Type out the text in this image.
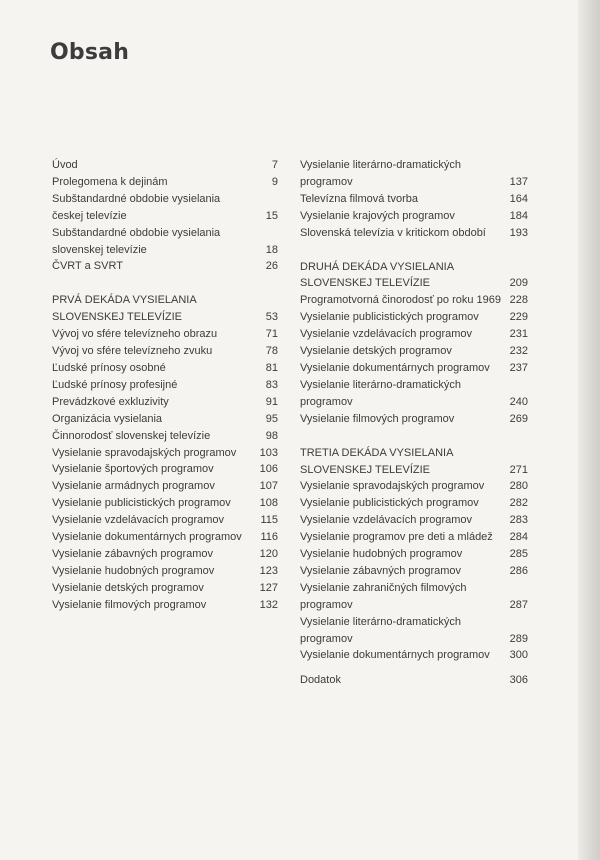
Obsah
Úvod	7
Prolegomena k dejinám	9
Subštandardné obdobie vysielania
českej televízie	15
Subštandardné obdobie vysielania
slovenskej televízie	18
ČVRT a SVRT	26
PRVÁ DEKÁDA VYSIELANIA
SLOVENSKEJ TELEVÍZIE	53
Vývoj vo sfére televízneho obrazu	71
Vývoj vo sfére televízneho zvuku	78
Ľudské prínosy osobné	81
Ľudské prínosy profesijné	83
Prevádzkové exkluzivity	91
Organizácia vysielania	95
Činnorodosť slovenskej televízie	98
Vysielanie spravodajských programov	103
Vysielanie športových programov	106
Vysielanie armádnych programov	107
Vysielanie publicistických programov	108
Vysielanie vzdelávacích programov	115
Vysielanie dokumentárnych programov	116
Vysielanie zábavných programov	120
Vysielanie hudobných programov	123
Vysielanie detských programov	127
Vysielanie filmových programov	132
Vysielanie literárno-dramatických programov	137
Televízna filmová tvorba	164
Vysielanie krajových programov	184
Slovenská televízia v kritickom období	193
DRUHÁ DEKÁDA VYSIELANIA
SLOVENSKEJ TELEVÍZIE	209
Programotvorná činorodosť po roku 1969 228
Vysielanie publicistických programov	229
Vysielanie vzdelávacích programov	231
Vysielanie detských programov	232
Vysielanie dokumentárnych programov	237
Vysielanie literárno-dramatických programov	240
Vysielanie filmových programov	269
TRETIA DEKÁDA VYSIELANIA
SLOVENSKEJ TELEVÍZIE	271
Vysielanie spravodajských programov	280
Vysielanie publicistických programov	282
Vysielanie vzdelávacích programov	283
Vysielanie programov pre deti a mládež	284
Vysielanie hudobných programov	285
Vysielanie zábavných programov	286
Vysielanie zahraničných filmových programov	287
Vysielanie literárno-dramatických programov	289
Vysielanie dokumentárnych programov	300
Dodatok	306
